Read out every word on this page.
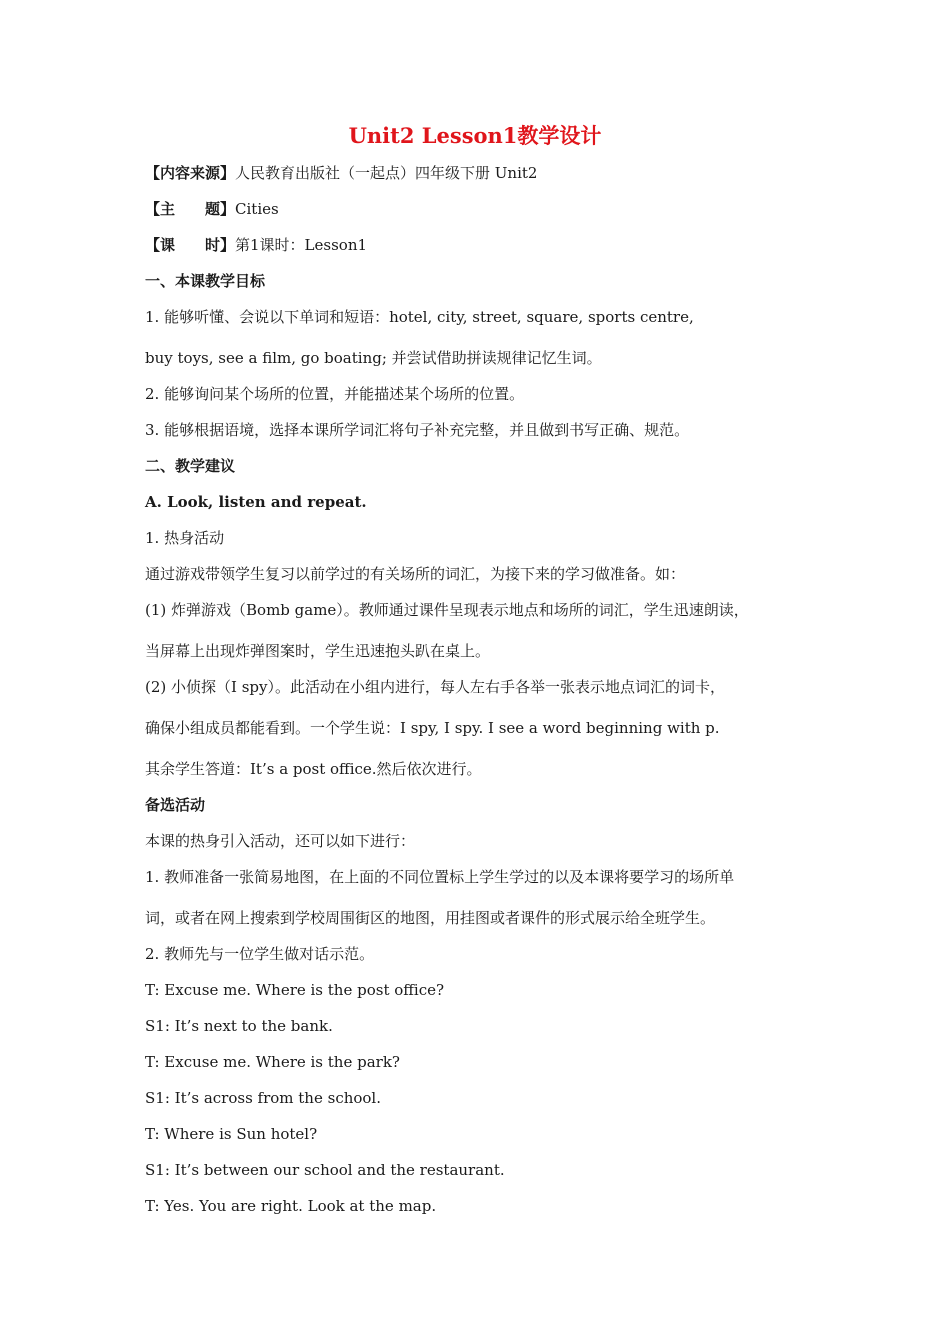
Unit2 Lesson1教学设计
【内容来源】人民教育出版社（一起点）四年级下册 Unit2
【主　　题】Cities
【课　　时】第1课时：Lesson1
一、本课教学目标
1. 能够听懂、会说以下单词和短语：hotel, city, street, square, sports centre,
buy toys, see a film, go boating; 并尝试借助拼读规律记忆生词。
2. 能够询问某个场所的位置，并能描述某个场所的位置。
3. 能够根据语境，选择本课所学词汇将句子补充完整，并且做到书写正确、规范。
二、教学建议
A. Look, listen and repeat.
1. 热身活动
通过游戏带领学生复习以前学过的有关场所的词汇，为接下来的学习做准备。如：
(1) 炸弹游戏（Bomb game）。教师通过课件呈现表示地点和场所的词汇，学生迅速朗读，
当屏幕上出现炸弹图案时，学生迅速抱头趴在桌上。
(2) 小侦探（I spy）。此活动在小组内进行，每人左右手各举一张表示地点词汇的词卡，
确保小组成员都能看到。一个学生说：I spy, I spy. I see a word beginning with p.
其余学生答道：It’s a post office.然后依次进行。
备选活动
本课的热身引入活动，还可以如下进行：
1. 教师准备一张简易地图，在上面的不同位置标上学生学过的以及本课将要学习的场所单
词，或者在网上搜索到学校周围街区的地图，用挂图或者课件的形式展示给全班学生。
2. 教师先与一位学生做对话示范。
T: Excuse me. Where is the post office?
S1: It’s next to the bank.
T: Excuse me. Where is the park?
S1: It’s across from the school.
T: Where is Sun hotel?
S1: It’s between our school and the restaurant.
T: Yes. You are right. Look at the map.
